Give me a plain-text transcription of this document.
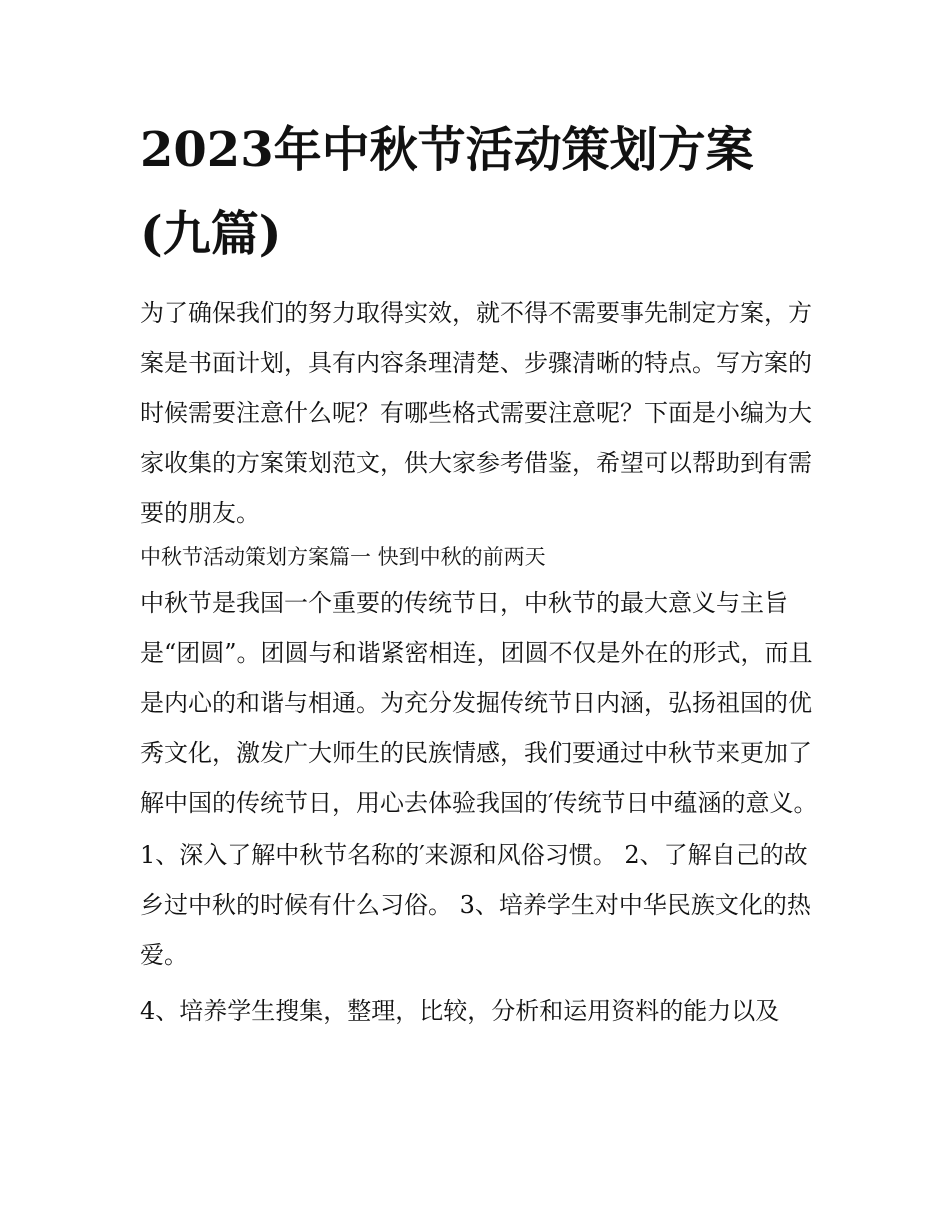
2023年中秋节活动策划方案
(九篇)

为了确保我们的努力取得实效，就不得不需要事先制定方案，方案是书面计划，具有内容条理清楚、步骤清晰的特点。写方案的时候需要注意什么呢？有哪些格式需要注意呢？下面是小编为大家收集的方案策划范文，供大家参考借鉴，希望可以帮助到有需要的朋友。

中秋节活动策划方案篇一 快到中秋的前两天

中秋节是我国一个重要的传统节日，中秋节的最大意义与主旨是“团圆”。团圆与和谐紧密相连，团圆不仅是外在的形式，而且是内心的和谐与相通。为充分发掘传统节日内涵，弘扬祖国的优秀文化，激发广大师生的民族情感，我们要通过中秋节来更加了解中国的传统节日，用心去体验我国的′传统节日中蕴涵的意义。

1、深入了解中秋节名称的′来源和风俗习惯。 2、了解自己的故乡过中秋的时候有什么习俗。 3、培养学生对中华民族文化的热爱。

4、培养学生搜集，整理，比较，分析和运用资料的能力以及
